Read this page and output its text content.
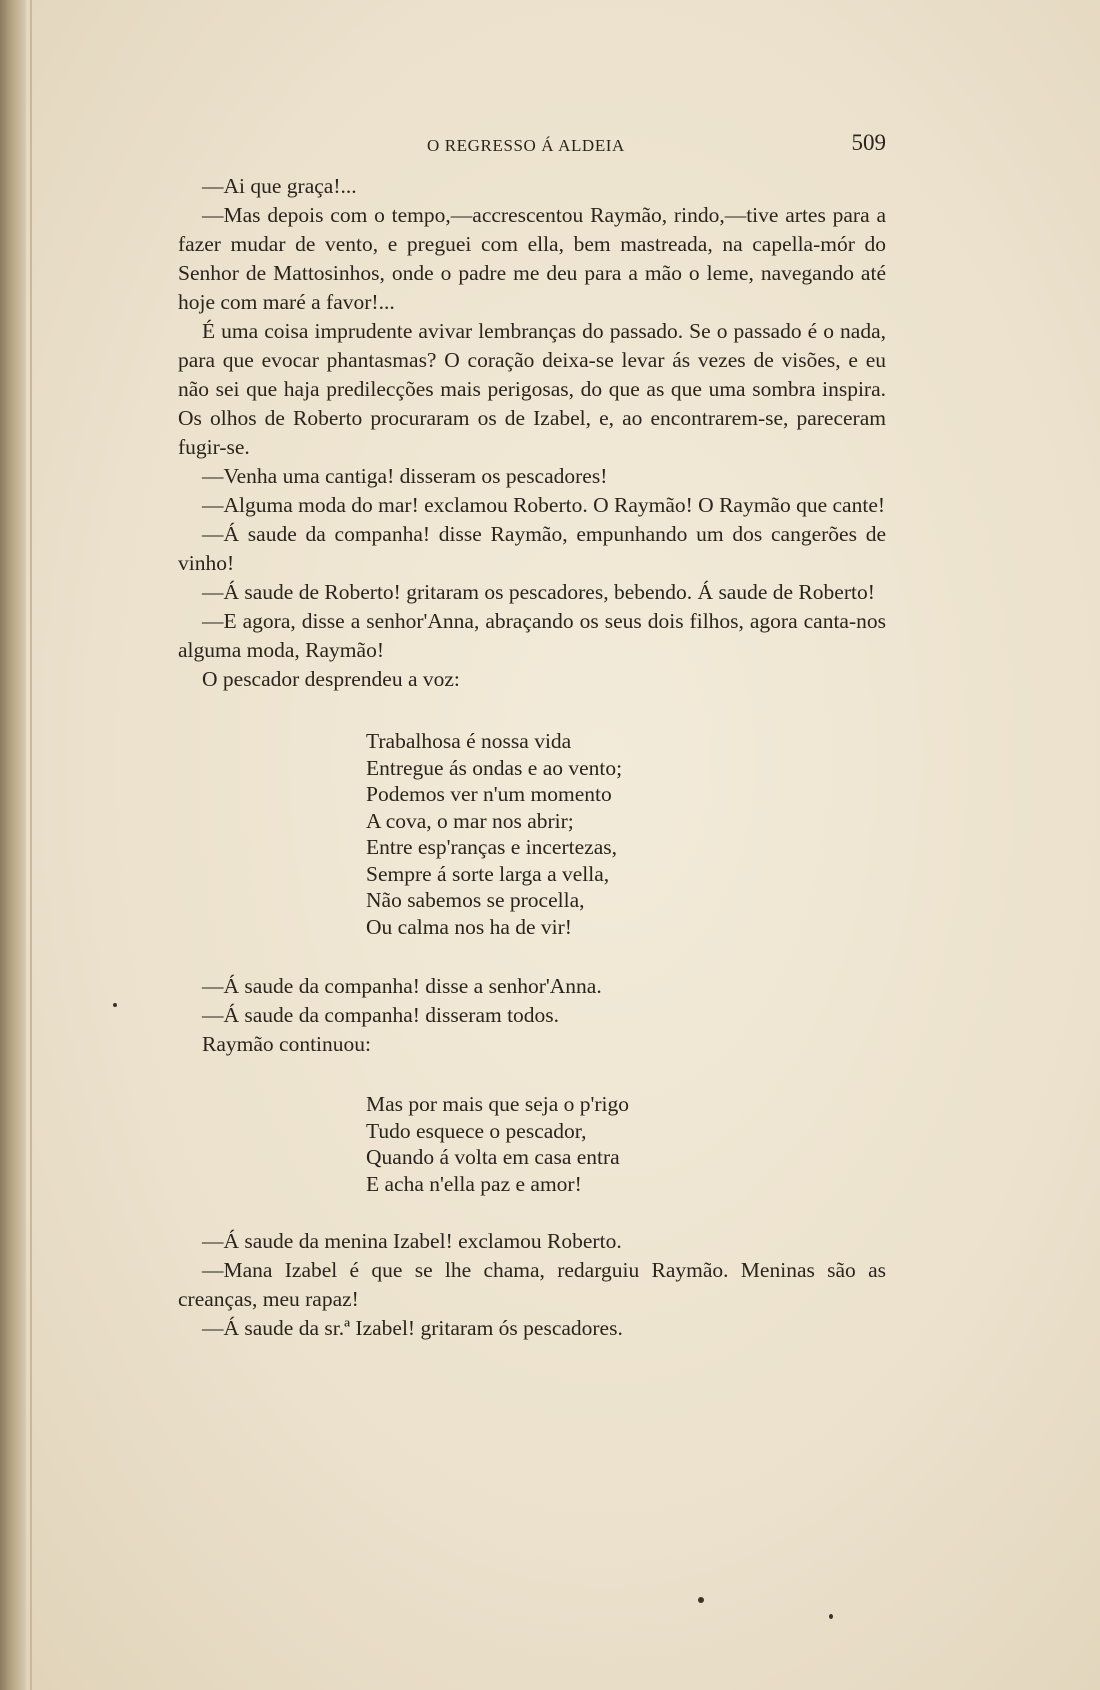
O REGRESSO Á ALDEIA	509

—Ai que graça!...

—Mas depois com o tempo,—accrescentou Raymão, rindo,—tive artes para a fazer mudar de vento, e preguei com ella, bem mastreada, na capella-mór do Senhor de Mattosinhos, onde o padre me deu para a mão o leme, navegando até hoje com maré a favor!...

É uma coisa imprudente avivar lembranças do passado. Se o passado é o nada, para que evocar phantasmas? O coração deixa-se levar ás vezes de visões, e eu não sei que haja predilecções mais perigosas, do que as que uma sombra inspira. Os olhos de Roberto procuraram os de Izabel, e, ao encontrarem-se, pareceram fugir-se.

—Venha uma cantiga! disseram os pescadores!

—Alguma moda do mar! exclamou Roberto. O Raymão! O Raymão que cante!

—Á saude da companha! disse Raymão, empunhando um dos cangerões de vinho!

—Á saude de Roberto! gritaram os pescadores, bebendo. Á saude de Roberto!

—E agora, disse a senhor'Anna, abraçando os seus dois filhos, agora canta-nos alguma moda, Raymão!

O pescador desprendeu a voz:

Trabalhosa é nossa vida
Entregue ás ondas e ao vento;
Podemos ver n'um momento
A cova, o mar nos abrir;
Entre esp'ranças e incertezas,
Sempre á sorte larga a vella,
Não sabemos se procella,
Ou calma nos ha de vir!

—Á saude da companha! disse a senhor'Anna.

—Á saude da companha! disseram todos.

Raymão continuou:

Mas por mais que seja o p'rigo
Tudo esquece o pescador,
Quando á volta em casa entra
E acha n'ella paz e amor!

—Á saude da menina Izabel! exclamou Roberto.

—Mana Izabel é que se lhe chama, redarguiu Raymão. Meninas são as creanças, meu rapaz!

—Á saude da sr.ª Izabel! gritaram ós pescadores.
